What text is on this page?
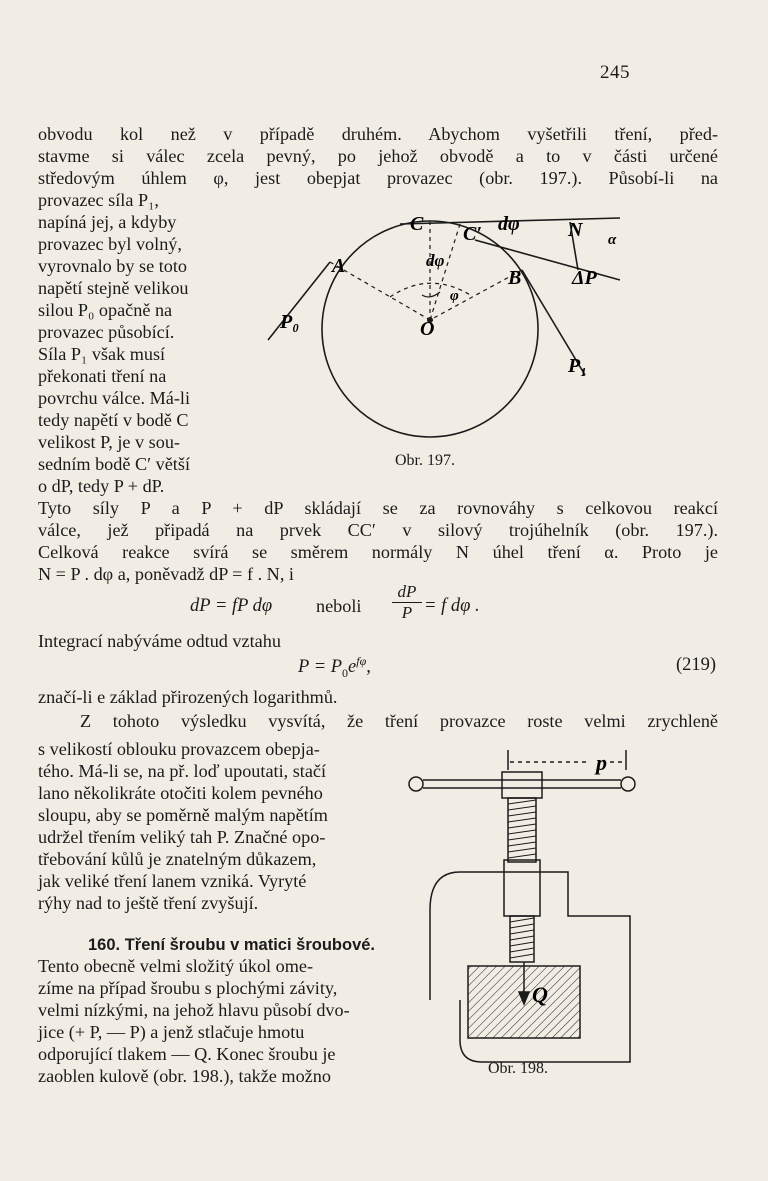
245
obvodu kol než v případě druhém. Abychom vyšetřili tření, před-
stavme si válec zcela pevný, po jehož obvodě a to v části určené
středovým úhlem φ, jest obepjat provazec (obr. 197.). Působí-li na
provazec síla P₁,
napíná jej, a kdyby
provazec byl volný,
vyrovnalo by se toto
napětí stejně velikou
silou P₀ opačně na
provazec působící.
Síla P₁ však musí
překonati tření na
povrchu válce. Má-li
tedy napětí v bodě C
velikost P, je v sou-
sedním bodě C′ větší
o dP, tedy P + dP.
C C′ dφ N α
A	dφ
B	ΔP
φ
P₀	O
P₁
Obr. 197.
Tyto síly P a P + dP skládají se za rovnováhy s celkovou reakcí
válce, jež připadá na prvek CC′ v silový trojúhelník (obr. 197.).
Celková reakce svírá se směrem normály N úhel tření α. Proto je
N = P . dφ a, poněvadž dP = f . N, i
dP = fP dφ neboli $\frac{dP}{P} = f$ dφ .
Integrací nabýváme odtud vztahu
$P = P_0e^{f\varphi}$,	(219)
značí-li e základ přirozených logarithmů.
Z tohoto výsledku vysvítá, že tření provazce roste velmi zrychleně
s velikostí oblouku provazcem obepja-
tého. Má-li se, na př. loď upoutati, stačí
lano několikráte otočiti kolem pevného
sloupu, aby se poměrně malým napětím
udržel třením veliký tah P. Značné opo-
třebování kůlů je znatelným důkazem,
jak veliké tření lanem vzniká. Vyryté
rýhy nad to ještě tření zvyšují.
160. Tření šroubu v matici šroubové.
Tento obecně velmi složitý úkol ome-
zíme na případ šroubu s plochými závity,
velmi nízkými, na jehož hlavu působí dvo-
jice (+ P, — P) a jenž stlačuje hmotu
odporující tlakem — Q. Konec šroubu je
zaoblen kulově (obr. 198.), takže možno
p
Q
Obr. 198.
